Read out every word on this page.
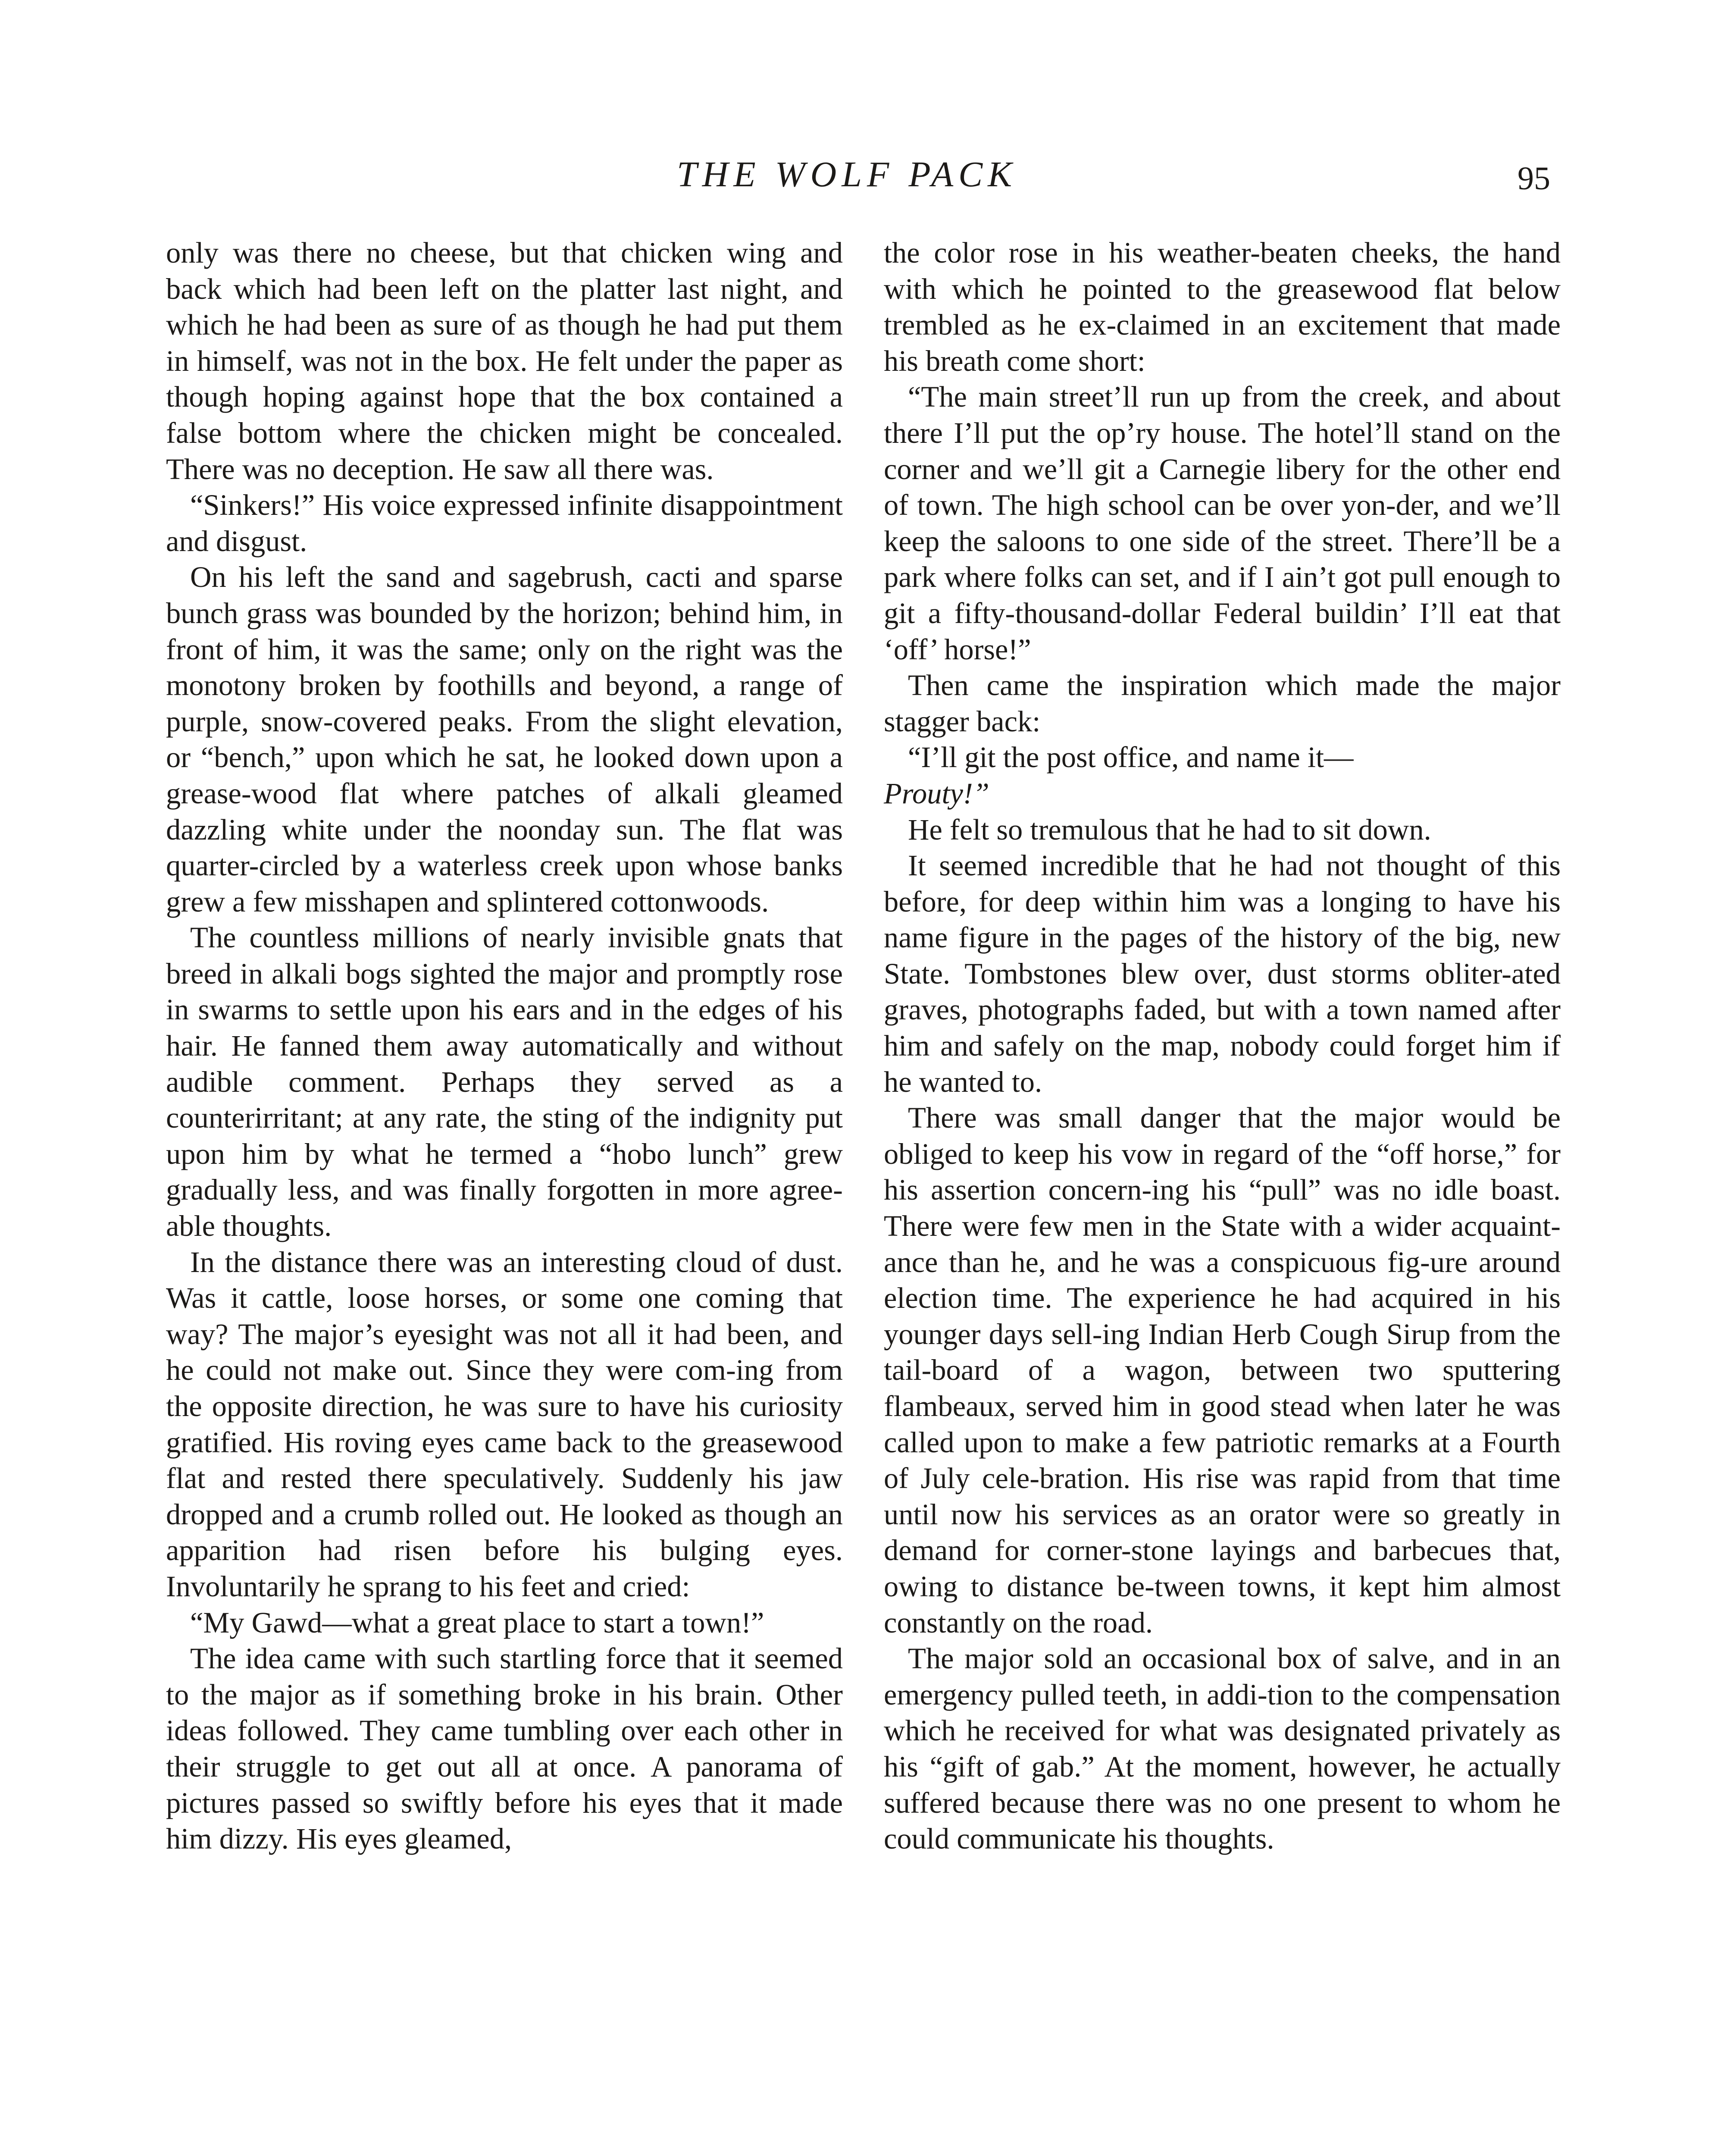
THE WOLF PACK	95

only was there no cheese, but that chicken wing and back which had been left on the platter last night, and which he had been as sure of as though he had put them in himself, was not in the box. He felt under the paper as though hoping against hope that the box contained a false bottom where the chicken might be concealed. There was no deception. He saw all there was.

“Sinkers!” His voice expressed infinite disappointment and disgust.

On his left the sand and sagebrush, cacti and sparse bunch grass was bounded by the horizon; behind him, in front of him, it was the same; only on the right was the monotony broken by foothills and beyond, a range of purple, snow-covered peaks. From the slight elevation, or “bench,” upon which he sat, he looked down upon a grease-wood flat where patches of alkali gleamed dazzling white under the noonday sun. The flat was quarter-circled by a waterless creek upon whose banks grew a few misshapen and splintered cottonwoods.

The countless millions of nearly invisible gnats that breed in alkali bogs sighted the major and promptly rose in swarms to settle upon his ears and in the edges of his hair. He fanned them away automatically and without audible comment. Perhaps they served as a counterirritant; at any rate, the sting of the indignity put upon him by what he termed a “hobo lunch” grew gradually less, and was finally forgotten in more agree-able thoughts.

In the distance there was an interesting cloud of dust. Was it cattle, loose horses, or some one coming that way? The major’s eyesight was not all it had been, and he could not make out. Since they were com-ing from the opposite direction, he was sure to have his curiosity gratified. His roving eyes came back to the greasewood flat and rested there speculatively. Suddenly his jaw dropped and a crumb rolled out. He looked as though an apparition had risen before his bulging eyes. Involuntarily he sprang to his feet and cried:

“My Gawd—what a great place to start a town!”

The idea came with such startling force that it seemed to the major as if something broke in his brain. Other ideas followed. They came tumbling over each other in their struggle to get out all at once. A panorama of pictures passed so swiftly before his eyes that it made him dizzy. His eyes gleamed,

the color rose in his weather-beaten cheeks, the hand with which he pointed to the greasewood flat below trembled as he ex-claimed in an excitement that made his breath come short:

“The main street’ll run up from the creek, and about there I’ll put the op’ry house. The hotel’ll stand on the corner and we’ll git a Carnegie libery for the other end of town. The high school can be over yon-der, and we’ll keep the saloons to one side of the street. There’ll be a park where folks can set, and if I ain’t got pull enough to git a fifty-thousand-dollar Federal buildin’ I’ll eat that ‘off’ horse!”

Then came the inspiration which made the major stagger back:

“I’ll git the post office, and name it—
Prouty!”

He felt so tremulous that he had to sit down.

It seemed incredible that he had not thought of this before, for deep within him was a longing to have his name figure in the pages of the history of the big, new State. Tombstones blew over, dust storms obliter-ated graves, photographs faded, but with a town named after him and safely on the map, nobody could forget him if he wanted to.

There was small danger that the major would be obliged to keep his vow in regard of the “off horse,” for his assertion concern-ing his “pull” was no idle boast. There were few men in the State with a wider acquaint-ance than he, and he was a conspicuous fig-ure around election time. The experience he had acquired in his younger days sell-ing Indian Herb Cough Sirup from the tail-board of a wagon, between two sputtering flambeaux, served him in good stead when later he was called upon to make a few patriotic remarks at a Fourth of July cele-bration. His rise was rapid from that time until now his services as an orator were so greatly in demand for corner-stone layings and barbecues that, owing to distance be-tween towns, it kept him almost constantly on the road.

The major sold an occasional box of salve, and in an emergency pulled teeth, in addi-tion to the compensation which he received for what was designated privately as his “gift of gab.” At the moment, however, he actually suffered because there was no one present to whom he could communicate his thoughts.
